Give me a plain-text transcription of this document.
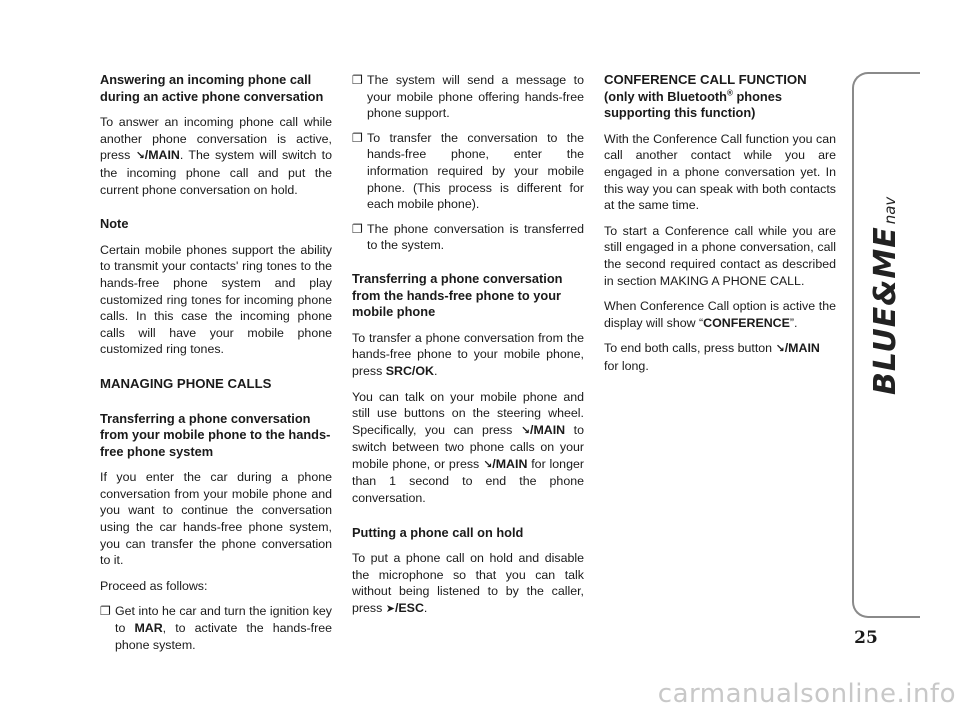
Answering an incoming phone call during an active phone conversation

To answer an incoming phone call while another phone conversation is active, press ↘/MAIN. The system will switch to the incoming phone call and put the current phone conversation on hold.

Note

Certain mobile phones support the ability to transmit your contacts' ring tones to the hands-free phone system and play customized ring tones for incoming phone calls. In this case the incoming phone calls will have your mobile phone customized ring tones.

MANAGING PHONE CALLS
Transferring a phone conversation from your mobile phone to the hands-free phone system

If you enter the car during a phone conversation from your mobile phone and you want to continue the conversation using the car hands-free phone system, you can transfer the phone conversation to it.

Proceed as follows:

❐ Get into he car and turn the ignition key to MAR, to activate the hands-free phone system.
❐ The system will send a message to your mobile phone offering hands-free phone support.
❐ To transfer the conversation to the hands-free phone, enter the information required by your mobile phone. (This process is different for each mobile phone).
❐ The phone conversation is transferred to the system.
Transferring a phone conversation from the hands-free phone to your mobile phone

To transfer a phone conversation from the hands-free phone to your mobile phone, press SRC/OK.

You can talk on your mobile phone and still use buttons on the steering wheel. Specifically, you can press ↘/MAIN to switch between two phone calls on your mobile phone, or press ↘/MAIN for longer than 1 second to end the phone conversation.

Putting a phone call on hold

To put a phone call on hold and disable the microphone so that you can talk without being listened to by the caller, press ➤/ESC.

CONFERENCE CALL FUNCTION
(only with Bluetooth® phones supporting this function)

With the Conference Call function you can call another contact while you are engaged in a phone conversation yet. In this way you can speak with both contacts at the same time.

To start a Conference call while you are still engaged in a phone conversation, call the second required contact as described in section MAKING A PHONE CALL.

When Conference Call option is active the display will show “CONFERENCE”.

To end both calls, press button ↘/MAIN for long.	BLUE&MEnav
25
carmanualsonline.info
